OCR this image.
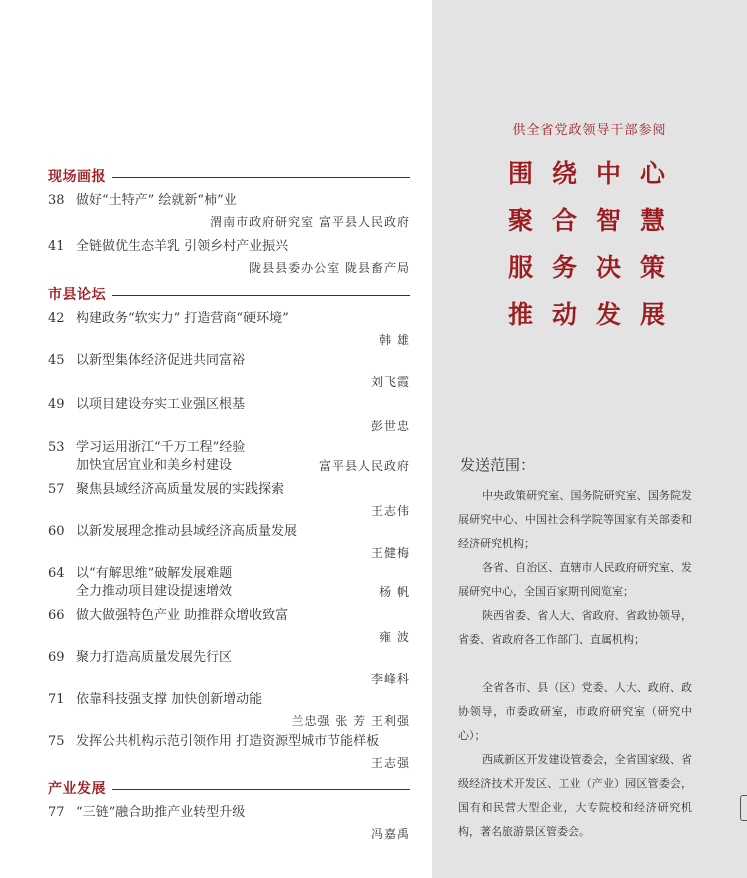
现场画报
38 做好“土特产” 绘就新“柿”业
渭南市政府研究室 富平县人民政府
41 全链做优生态羊乳 引领乡村产业振兴
陇县县委办公室 陇县畜产局
市县论坛
42 构建政务“软实力” 打造营商“硬环境”
韩 雄
45 以新型集体经济促进共同富裕
刘飞霞
49 以项目建设夯实工业强区根基
彭世忠
53 学习运用浙江“千万工程”经验
加快宜居宜业和美乡村建设	富平县人民政府
57 聚焦县域经济高质量发展的实践探索
王志伟
60 以新发展理念推动县域经济高质量发展
王健梅
64 以“有解思维”破解发展难题
全力推动项目建设提速增效	杨 帆
66 做大做强特色产业 助推群众增收致富
雍 波
69 聚力打造高质量发展先行区
李峰科
71 依靠科技强支撑 加快创新增动能
兰忠强 张 芳 王利强
75 发挥公共机构示范引领作用 打造资源型城市节能样板
王志强
产业发展
77 “三链”融合助推产业转型升级
冯嘉禹
供全省党政领导干部参阅
围绕中心
聚合智慧
服务决策
推动发展
发送范围：
中央政策研究室、国务院研究室、国务院发展研究中心、中国社会科学院等国家有关部委和经济研究机构；
各省、自治区、直辖市人民政府研究室、发展研究中心，全国百家期刊阅览室；
陕西省委、省人大、省政府、省政协领导，省委、省政府各工作部门、直属机构；
全省各市、县（区）党委、人大、政府、政协领导，市委政研室，市政府研究室（研究中心）；
西咸新区开发建设管委会，全省国家级、省级经济技术开发区、工业（产业）园区管委会，国有和民营大型企业，大专院校和经济研究机构，著名旅游景区管委会。
